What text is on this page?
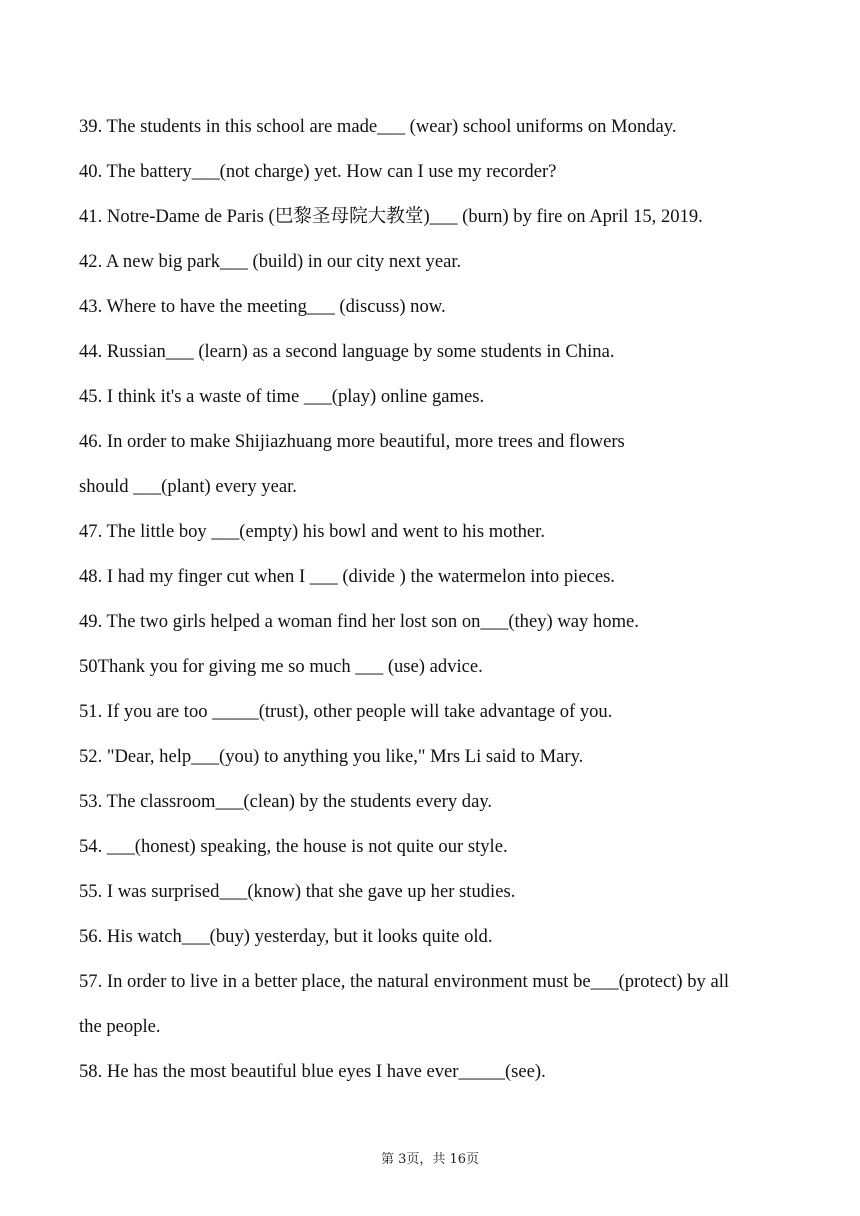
39. The students in this school are made___ (wear) school uniforms on Monday.
40. The battery___(not charge) yet. How can I use my recorder?
41. Notre-Dame de Paris (巴黎圣母院大教堂)___ (burn) by fire on April 15, 2019.
42. A new big park___ (build) in our city next year.
43. Where to have the meeting___ (discuss) now.
44. Russian___ (learn) as a second language by some students in China.
45. I think it's a waste of time ___(play) online games.
46. In order to make Shijiazhuang more beautiful, more trees and flowers
should ___(plant) every year.
47. The little boy ___(empty) his bowl and went to his mother.
48. I had my finger cut when I ___ (divide ) the watermelon into pieces.
49. The two girls helped a woman find her lost son on___(they) way home.
50Thank you for giving me so much ___ (use) advice.
51. If you are too _____(trust), other people will take advantage of you.
52. "Dear, help___(you) to anything you like," Mrs Li said to Mary.
53. The classroom___(clean) by the students every day.
54. ___(honest) speaking, the house is not quite our style.
55. I was surprised___(know) that she gave up her studies.
56. His watch___(buy) yesterday, but it looks quite old.
57. In order to live in a better place, the natural environment must be___(protect) by all
the people.
58. He has the most beautiful blue eyes I have ever_____(see).
第 3页，共 16页
